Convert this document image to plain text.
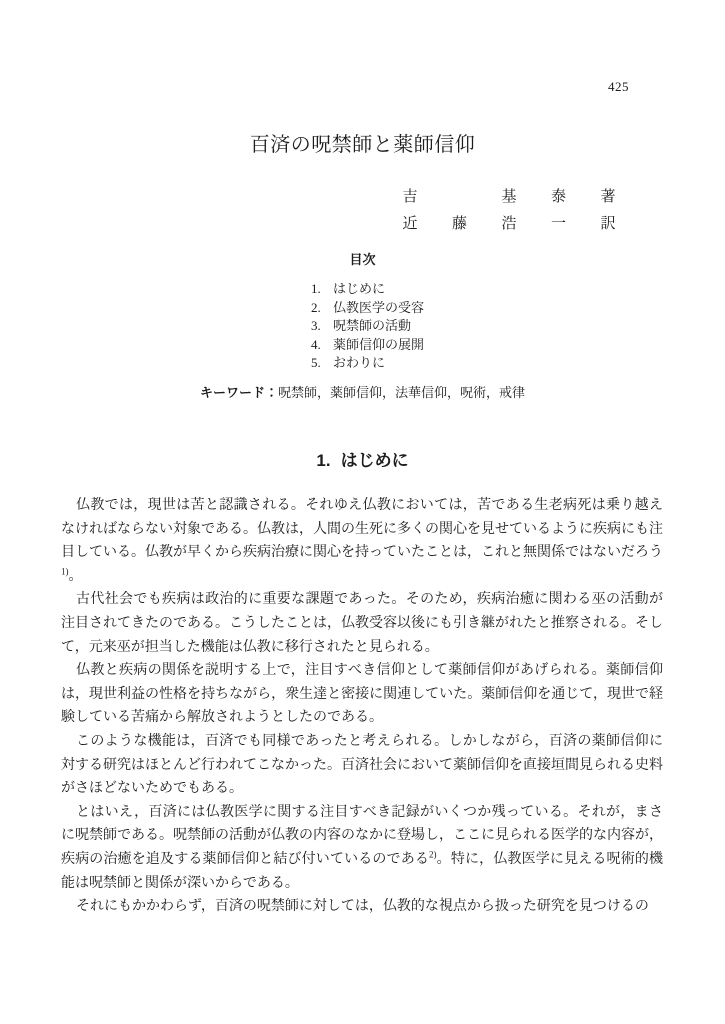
425
百済の呪禁師と薬師信仰
吉	基 泰 著
近 藤 浩 一 訳
目次
1. はじめに
2. 仏教医学の受容
3. 呪禁師の活動
4. 薬師信仰の展開
5. おわりに
キーワード：呪禁師，薬師信仰，法華信仰，呪術，戒律
1. はじめに

仏教では，現世は苦と認識される。それゆえ仏教においては，苦である生老病死は乗り越えなければならない対象である。仏教は，人間の生死に多くの関心を見せているように疾病にも注目している。仏教が早くから疾病治療に関心を持っていたことは，これと無関係ではないだろう$^{1)}$。

古代社会でも疾病は政治的に重要な課題であった。そのため，疾病治癒に関わる巫の活動が注目されてきたのである。こうしたことは，仏教受容以後にも引き継がれたと推察される。そして，元来巫が担当した機能は仏教に移行されたと見られる。

仏教と疾病の関係を説明する上で，注目すべき信仰として薬師信仰があげられる。薬師信仰は，現世利益の性格を持ちながら，衆生達と密接に関連していた。薬師信仰を通じて，現世で経験している苦痛から解放されようとしたのである。

このような機能は，百済でも同様であったと考えられる。しかしながら，百済の薬師信仰に対する研究はほとんど行われてこなかった。百済社会において薬師信仰を直接垣間見られる史料がさほどないためでもある。

とはいえ，百済には仏教医学に関する注目すべき記録がいくつか残っている。それが，まさに呪禁師である。呪禁師の活動が仏教の内容のなかに登場し，ここに見られる医学的な内容が，疾病の治癒を追及する薬師信仰と結び付いているのである$^{2)}$。特に，仏教医学に見える呪術的機能は呪禁師と関係が深いからである。

それにもかかわらず，百済の呪禁師に対しては，仏教的な視点から扱った研究を見つけるの
